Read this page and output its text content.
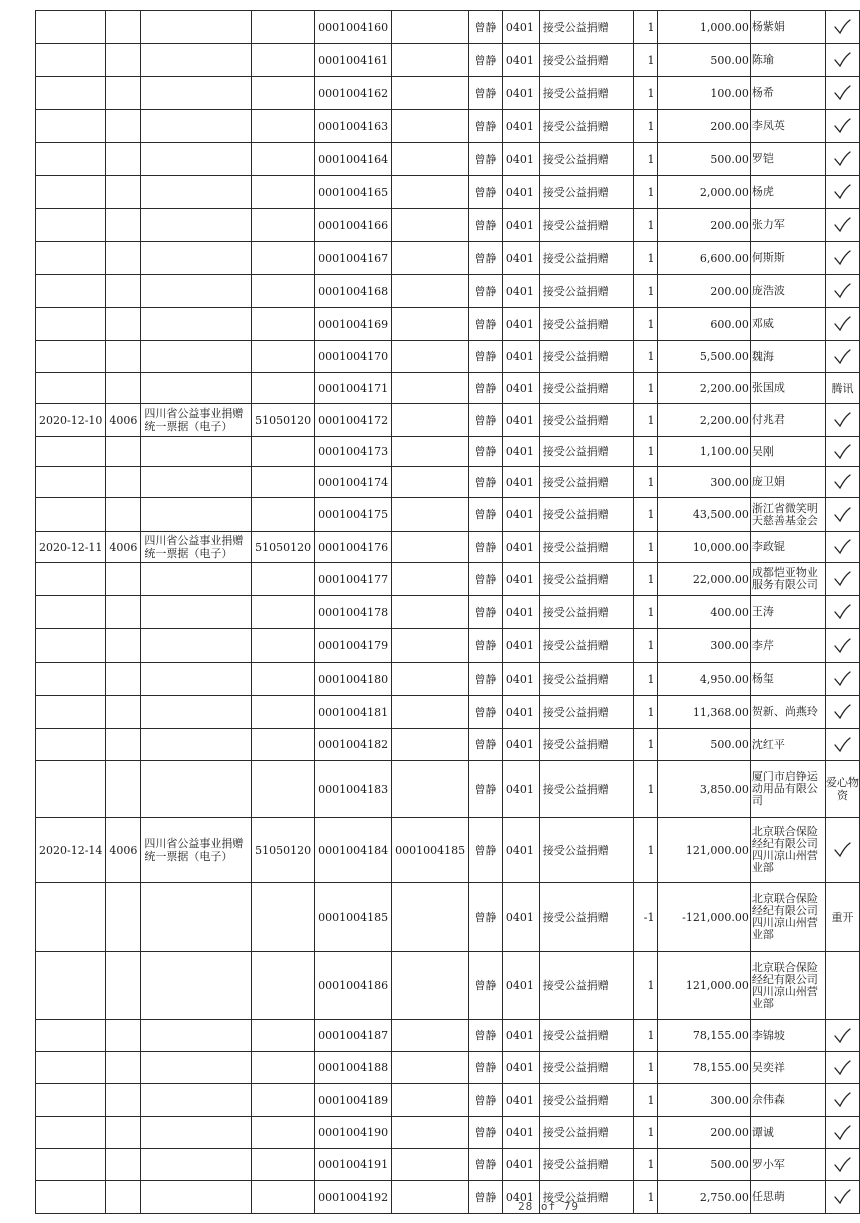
				0001004160		曾静	0401	接受公益捐赠	1	1,000.00	杨紫娟	
				0001004161		曾静	0401	接受公益捐赠	1	500.00	陈瑜	
				0001004162		曾静	0401	接受公益捐赠	1	100.00	杨希	
				0001004163		曾静	0401	接受公益捐赠	1	200.00	李凤英	
				0001004164		曾静	0401	接受公益捐赠	1	500.00	罗铠	
				0001004165		曾静	0401	接受公益捐赠	1	2,000.00	杨虎	
				0001004166		曾静	0401	接受公益捐赠	1	200.00	张力军	
				0001004167		曾静	0401	接受公益捐赠	1	6,600.00	何斯斯	
				0001004168		曾静	0401	接受公益捐赠	1	200.00	庞浩波	
				0001004169		曾静	0401	接受公益捐赠	1	600.00	邓威	
				0001004170		曾静	0401	接受公益捐赠	1	5,500.00	魏海	
				0001004171		曾静	0401	接受公益捐赠	1	2,200.00	张国成	腾讯

2020-12-10	4006	四川省公益事业捐赠统一票据（电子）	51050120	0001004172		曾静	0401	接受公益捐赠	1	2,200.00	付兆君	
				0001004173		曾静	0401	接受公益捐赠	1	1,100.00	吴刚	
				0001004174		曾静	0401	接受公益捐赠	1	300.00	庞卫娟	
				0001004175		曾静	0401	接受公益捐赠	1	43,500.00	浙江省微笑明天慈善基金会	
2020-12-11	4006	四川省公益事业捐赠统一票据（电子）	51050120	0001004176		曾静	0401	接受公益捐赠	1	10,000.00	李政锟	
				0001004177		曾静	0401	接受公益捐赠	1	22,000.00	成都恺亚物业服务有限公司	
				0001004178		曾静	0401	接受公益捐赠	1	400.00	王涛	
				0001004179		曾静	0401	接受公益捐赠	1	300.00	李芹	
				0001004180		曾静	0401	接受公益捐赠	1	4,950.00	杨玺	
				0001004181		曾静	0401	接受公益捐赠	1	11,368.00	贺新、尚燕玲	
				0001004182		曾静	0401	接受公益捐赠	1	500.00	沈红平	
				0001004183		曾静	0401	接受公益捐赠	1	3,850.00	厦门市启铮运动用品有限公司	爱心物资

2020-12-14	4006	四川省公益事业捐赠统一票据（电子）	51050120	0001004184	0001004185	曾静	0401	接受公益捐赠	1	121,000.00	北京联合保险经纪有限公司四川凉山州营业部	
				0001004185		曾静	0401	接受公益捐赠	-1	-121,000.00	北京联合保险经纪有限公司四川凉山州营业部	重开

				0001004186		曾静	0401	接受公益捐赠	1	121,000.00	北京联合保险经纪有限公司四川凉山州营业部	
				0001004187		曾静	0401	接受公益捐赠	1	78,155.00	李锦坡	
				0001004188		曾静	0401	接受公益捐赠	1	78,155.00	吴奕祥	
				0001004189		曾静	0401	接受公益捐赠	1	300.00	佘伟森	
				0001004190		曾静	0401	接受公益捐赠	1	200.00	谭诚	
				0001004191		曾静	0401	接受公益捐赠	1	500.00	罗小军	
				0001004192		曾静	0401	接受公益捐赠	1	2,750.00	任思萌	
28 of 79
